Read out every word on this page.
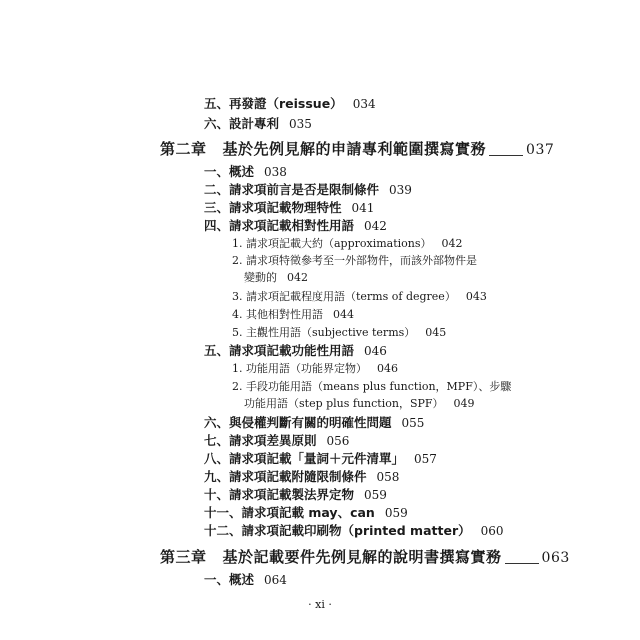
五、再發證（reissue） 034
六、設計專利 035
第二章 基於先例見解的申請專利範圍撰寫實務	037
一、概述 038
二、請求項前言是否是限制條件 039
三、請求項記載物理特性 041
四、請求項記載相對性用語 042
1. 請求項記載大約（approximations） 042
2. 請求項特徵參考至一外部物件，而該外部物件是
變動的 042
3. 請求項記載程度用語（terms of degree） 043
4. 其他相對性用語 044
5. 主觀性用語（subjective terms） 045
五、請求項記載功能性用語 046
1. 功能用語（功能界定物） 046
2. 手段功能用語（means plus function，MPF）、步驟
功能用語（step plus function，SPF） 049
六、與侵權判斷有關的明確性問題 055
七、請求項差異原則 056
八、請求項記載「量詞＋元件清單」 057
九、請求項記載附隨限制條件 058
十、請求項記載製法界定物 059
十一、請求項記載 may、can 059
十二、請求項記載印刷物（printed matter） 060
第三章 基於記載要件先例見解的說明書撰寫實務	063
一、概述 064
· xi ·
